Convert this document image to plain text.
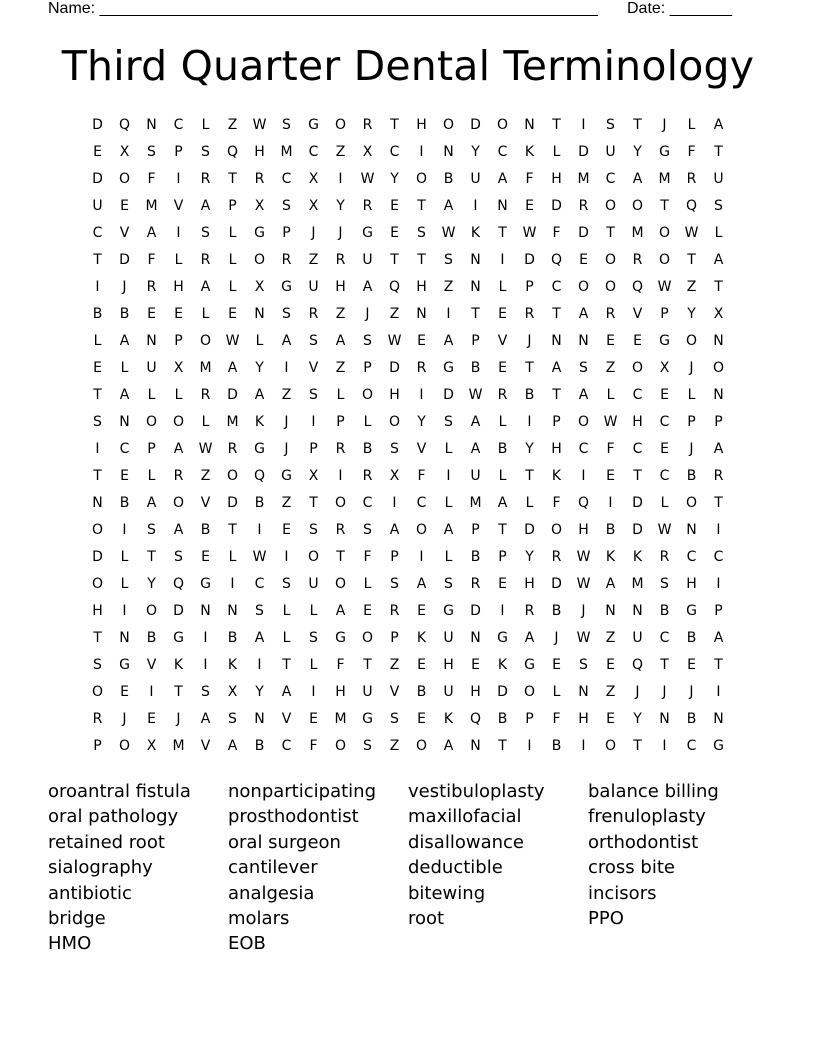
Name: ________________________________________________________ Date: _______
Third Quarter Dental Terminology
D	Q	N	C	L	Z	W	S	G	O	R	T	H	O	D	O	N	T	I	S	T	J	L	A
E	X	S	P	S	Q	H	M	C	Z	X	C	I	N	Y	C	K	L	D	U	Y	G	F	T
D	O	F	I	R	T	R	C	X	I	W	Y	O	B	U	A	F	H	M	C	A	M	R	U
U	E	M	V	A	P	X	S	X	Y	R	E	T	A	I	N	E	D	R	O	O	T	Q	S
C	V	A	I	S	L	G	P	J	J	G	E	S	W	K	T	W	F	D	T	M	O	W	L
T	D	F	L	R	L	O	R	Z	R	U	T	T	S	N	I	D	Q	E	O	R	O	T	A
I	J	R	H	A	L	X	G	U	H	A	Q	H	Z	N	L	P	C	O	O	Q	W	Z	T
B	B	E	E	L	E	N	S	R	Z	J	Z	N	I	T	E	R	T	A	R	V	P	Y	X
L	A	N	P	O	W	L	A	S	A	S	W	E	A	P	V	J	N	N	E	E	G	O	N
E	L	U	X	M	A	Y	I	V	Z	P	D	R	G	B	E	T	A	S	Z	O	X	J	O
T	A	L	L	R	D	A	Z	S	L	O	H	I	D	W	R	B	T	A	L	C	E	L	N
S	N	O	O	L	M	K	J	I	P	L	O	Y	S	A	L	I	P	O	W	H	C	P	P
I	C	P	A	W	R	G	J	P	R	B	S	V	L	A	B	Y	H	C	F	C	E	J	A
T	E	L	R	Z	O	Q	G	X	I	R	X	F	I	U	L	T	K	I	E	T	C	B	R
N	B	A	O	V	D	B	Z	T	O	C	I	C	L	M	A	L	F	Q	I	D	L	O	T
O	I	S	A	B	T	I	E	S	R	S	A	O	A	P	T	D	O	H	B	D	W	N	I
D	L	T	S	E	L	W	I	O	T	F	P	I	L	B	P	Y	R	W	K	K	R	C	C
O	L	Y	Q	G	I	C	S	U	O	L	S	A	S	R	E	H	D	W	A	M	S	H	I
H	I	O	D	N	N	S	L	L	A	E	R	E	G	D	I	R	B	J	N	N	B	G	P
T	N	B	G	I	B	A	L	S	G	O	P	K	U	N	G	A	J	W	Z	U	C	B	A
S	G	V	K	I	K	I	T	L	F	T	Z	E	H	E	K	G	E	S	E	Q	T	E	T
O	E	I	T	S	X	Y	A	I	H	U	V	B	U	H	D	O	L	N	Z	J	J	J	I
R	J	E	J	A	S	N	V	E	M	G	S	E	K	Q	B	P	F	H	E	Y	N	B	N
P	O	X	M	V	A	B	C	F	O	S	Z	O	A	N	T	I	B	I	O	T	I	C	G
oroantral fistula
oral pathology
retained root
sialography
antibiotic
bridge
HMO
nonparticipating
prosthodontist
oral surgeon
cantilever
analgesia
molars
EOB
vestibuloplasty
maxillofacial
disallowance
deductible
bitewing
root
balance billing
frenuloplasty
orthodontist
cross bite
incisors
PPO
